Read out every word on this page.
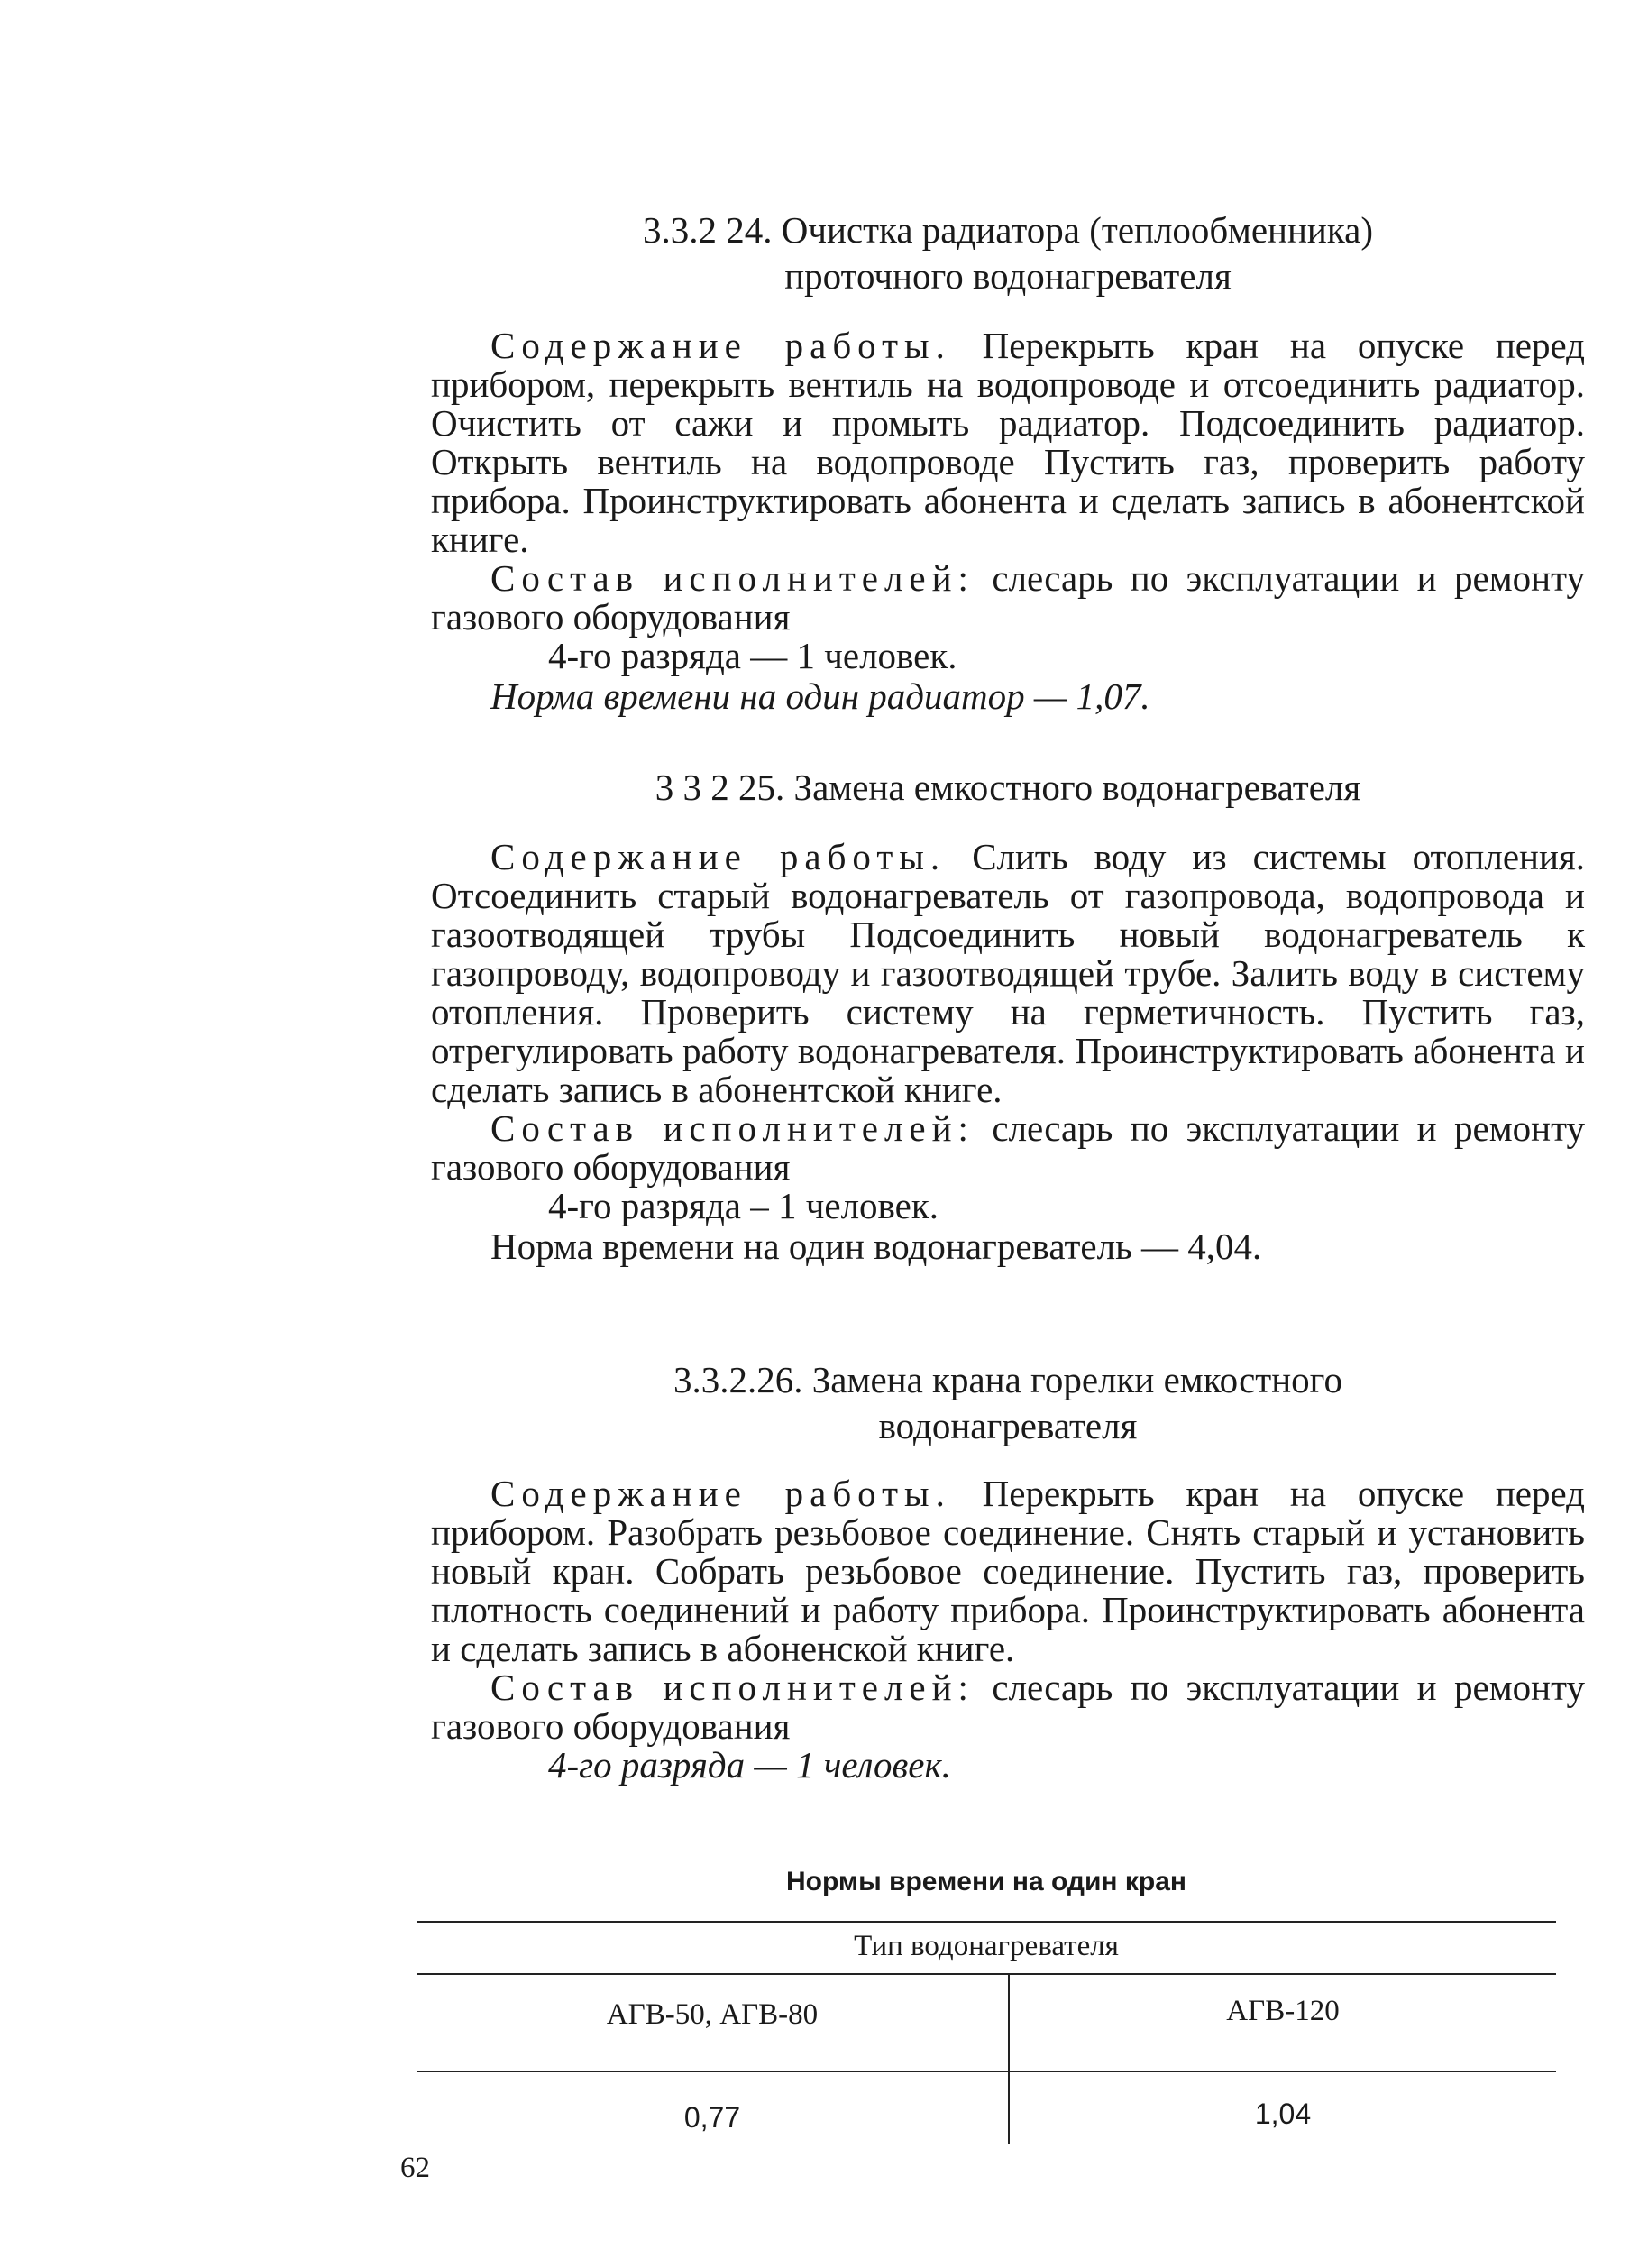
3.3.2 24. Очистка радиатора (теплообменника)

проточного водонагревателя

Содержание работы. Перекрыть кран на опуске перед прибором, перекрыть вентиль на водопроводе и отсоединить радиатор. Очистить от сажи и промыть радиатор. Подсоединить радиатор. Открыть вентиль на водопроводе Пустить газ, проверить работу прибора. Проинструктировать абонента и сделать запись в абонентской книге.

Состав исполнителей: слесарь по эксплуатации и ремонту газового оборудования

4-го разряда — 1 человек.

Норма времени на один радиатор — 1,07.

3 3 2 25. Замена емкостного водонагревателя

Содержание работы. Слить воду из системы отопления. Отсоединить старый водонагреватель от газопровода, водопровода и газоотводящей трубы Подсоединить новый водонагреватель к газопроводу, водопроводу и газоотводящей трубе. Залить воду в систему отопления. Проверить систему на герметичность. Пустить газ, отрегулировать работу водонагревателя. Проинструктировать абонента и сделать запись в абонентской книге.

Состав исполнителей: слесарь по эксплуатации и ремонту газового оборудования

4-го разряда – 1 человек.

Норма времени на один водонагреватель — 4,04.

3.3.2.26. Замена крана горелки емкостного

водонагревателя

Содержание работы. Перекрыть кран на опуске перед прибором. Разобрать резьбовое соединение. Снять старый и установить новый кран. Собрать резьбовое соединение. Пустить газ, проверить плотность соединений и работу прибора. Проинструктировать абонента и сделать запись в абоненской книге.

Состав исполнителей: слесарь по эксплуатации и ремонту газового оборудования

4-го разряда — 1 человек.

Нормы времени на один кран
Тип водонагревателя
АГВ-50, АГВ-80	АГВ-120
0,77	1,04
62
